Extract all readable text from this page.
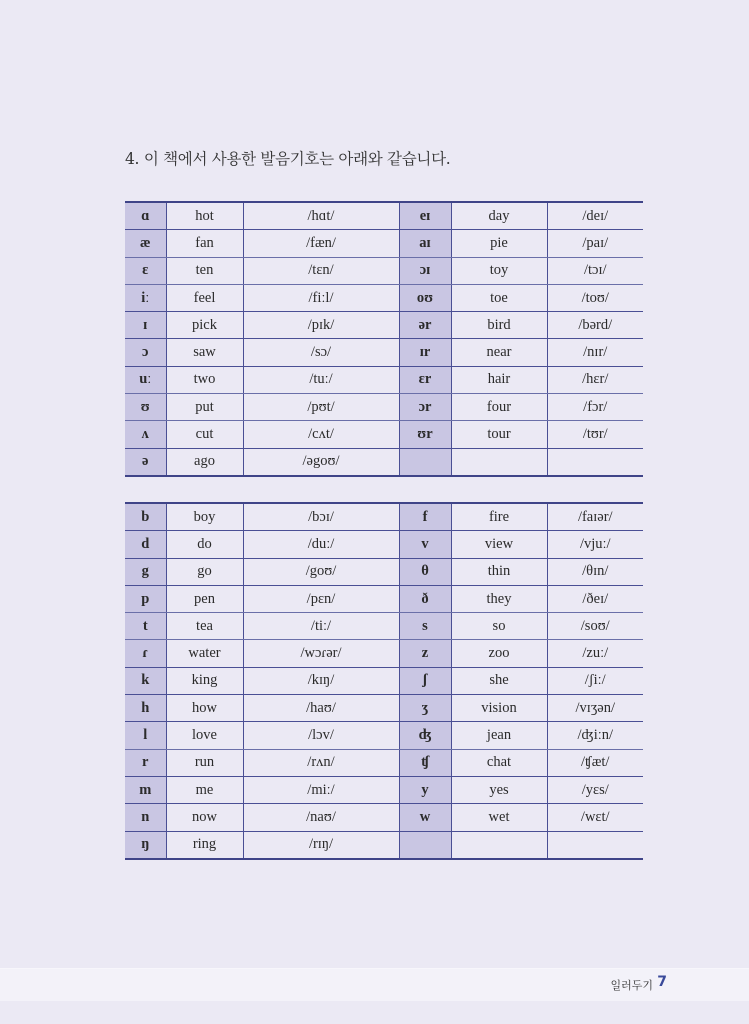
4. 이 책에서 사용한 발음기호는 아래와 같습니다.
ɑ	hot	/hɑt/	eɪ	day	/deɪ/
æ	fan	/fæn/	aɪ	pie	/paɪ/
ɛ	ten	/tɛn/	ɔɪ	toy	/tɔɪ/
iː	feel	/fiːl/	oʊ	toe	/toʊ/
ɪ	pick	/pɪk/	ər	bird	/bərd/
ɔ	saw	/sɔ/	ɪr	near	/nɪr/
uː	two	/tuː/	ɛr	hair	/hɛr/
ʊ	put	/pʊt/	ɔr	four	/fɔr/
ʌ	cut	/cʌt/	ʊr	tour	/tʊr/
ə	ago	/əgoʊ/			
b	boy	/bɔɪ/	f	fire	/faɪər/
d	do	/duː/	v	view	/vjuː/
g	go	/goʊ/	θ	thin	/θɪn/
p	pen	/pɛn/	ð	they	/ðeɪ/
t	tea	/tiː/	s	so	/soʊ/
ɾ	water	/wɔɾər/	z	zoo	/zuː/
k	king	/kɪŋ/	ʃ	she	/ʃiː/
h	how	/haʊ/	ʒ	vision	/vɪʒən/
l	love	/lɔv/	ʤ	jean	/ʤiːn/
r	run	/rʌn/	ʧ	chat	/ʧæt/
m	me	/miː/	y	yes	/yɛs/
n	now	/naʊ/	w	wet	/wɛt/
ŋ	ring	/rɪŋ/			
일러두기 7
